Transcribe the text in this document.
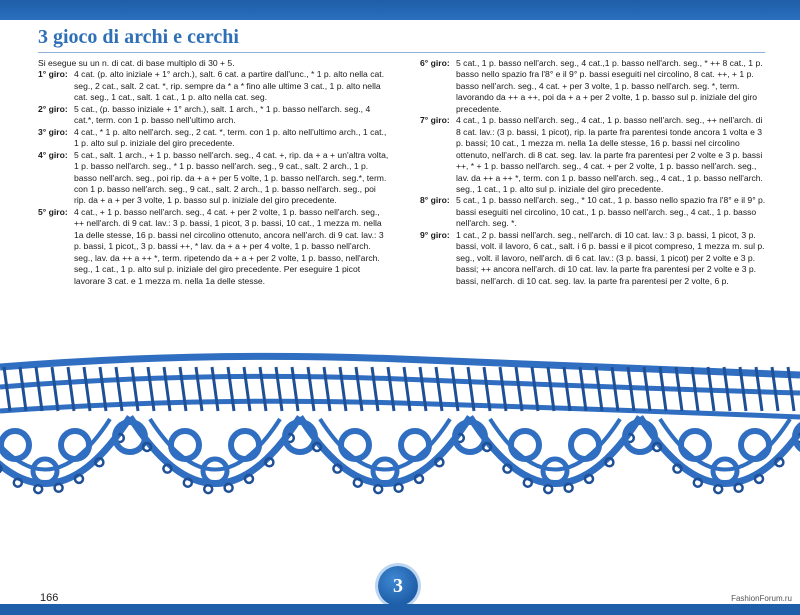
3 gioco di archi e cerchi

Si esegue su un n. di cat. di base multiplo di 30 + 5.

1° giro: 4 cat. (p. alto iniziale + 1° arch.), salt. 6 cat. a partire dall'unc., * 1 p. alto nella cat. seg., 2 cat., salt. 2 cat. *, rip. sempre da * a * fino alle ultime 3 cat., 1 p. alto nella cat. seg., 1 cat., salt. 1 cat., 1 p. alto nella cat. seg.

2° giro: 5 cat., (p. basso iniziale + 1° arch.), salt. 1 arch., * 1 p. basso nell'arch. seg., 4 cat.*, term. con 1 p. basso nell'ultimo arch.

3° giro: 4 cat., * 1 p. alto nell'arch. seg., 2 cat. *, term. con 1 p. alto nell'ultimo arch., 1 cat., 1 p. alto sul p. iniziale del giro precedente.

4° giro: 5 cat., salt. 1 arch., + 1 p. basso nell'arch. seg., 4 cat. +, rip. da + a + un'altra volta, 1 p. basso nell'arch. seg., * 1 p. basso nell'arch. seg., 9 cat., salt. 2 arch., 1 p. basso nell'arch. seg., poi rip. da + a + per 5 volte, 1 p. basso nell'arch. seg.*, term. con 1 p. basso nell'arch. seg., 9 cat., salt. 2 arch., 1 p. basso nell'arch. seg., poi rip. da + a + per 3 volte, 1 p. basso sul p. iniziale del giro precedente.

5° giro: 4 cat., + 1 p. basso nell'arch. seg., 4 cat. + per 2 volte, 1 p. basso nell'arch. seg., ++ nell'arch. di 9 cat. lav.: 3 p. bassi, 1 picot, 3 p. bassi, 10 cat., 1 mezza m. nella 1a delle stesse, 16 p. bassi nel circolino ottenuto, ancora nell'arch. di 9 cat. lav.: 3 p. bassi, 1 picot,, 3 p. bassi ++, * lav. da + a + per 4 volte, 1 p. basso nell'arch. seg., lav. da ++ a ++ *, term. ripetendo da + a + per 2 volte, 1 p. basso, nell'arch. seg., 1 cat., 1 p. alto sul p. iniziale del giro precedente. Per eseguire 1 picot lavorare 3 cat. e 1 mezza m. nella 1a delle stesse.

6° giro: 5 cat., 1 p. basso nell'arch. seg., 4 cat.,1 p. basso nell'arch. seg., * ++ 8 cat., 1 p. basso nello spazio fra l'8° e il 9° p. bassi eseguiti nel circolino, 8 cat. ++, + 1 p. basso nell'arch. seg., 4 cat. + per 3 volte, 1 p. basso nell'arch. seg. *, term. lavorando da ++ a ++, poi da + a + per 2 volte, 1 p. basso sul p. iniziale del giro precedente.

7° giro: 4 cat., 1 p. basso nell'arch. seg., 4 cat., 1 p. basso nell'arch. seg., ++ nell'arch. di 8 cat. lav.: (3 p. bassi, 1 picot), rip. la parte fra parentesi tonde ancora 1 volta e 3 p. bassi; 10 cat., 1 mezza m. nella 1a delle stesse, 16 p. bassi nel circolino ottenuto, nell'arch. di 8 cat. seg. lav. la parte fra parentesi per 2 volte e 3 p. bassi ++, * + 1 p. basso nell'arch. seg., 4 cat. + per 2 volte, 1 p. basso nell'arch. seg., lav. da ++ a ++ *, term. con 1 p. basso nell'arch. seg., 4 cat., 1 p. basso nell'arch. seg., 1 cat., 1 p. alto sul p. iniziale del giro precedente.

8° giro: 5 cat., 1 p. basso nell'arch. seg., * 10 cat., 1 p. basso nello spazio fra l'8° e il 9° p. bassi eseguiti nel circolino, 10 cat., 1 p. basso nell'arch. seg., 4 cat., 1 p. basso nell'arch. seg. *.

9° giro: 1 cat., 2 p. bassi nell'arch. seg., nell'arch. di 10 cat. lav.: 3 p. bassi, 1 picot, 3 p. bassi, volt. il lavoro, 6 cat., salt. i 6 p. bassi e il picot compreso, 1 mezza m. sul p. seg., volt. il lavoro, nell'arch. di 6 cat. lav.: (3 p. bassi, 1 picot) per 2 volte e 3 p. bassi; ++ ancora nell'arch. di 10 cat. lav. la parte fra parentesi per 2 volte e 3 p. bassi, nell'arch. di 10 cat. seg. lav. la parte fra parentesi per 2 volte, 6 p.

166
3
FashionForum.ru
